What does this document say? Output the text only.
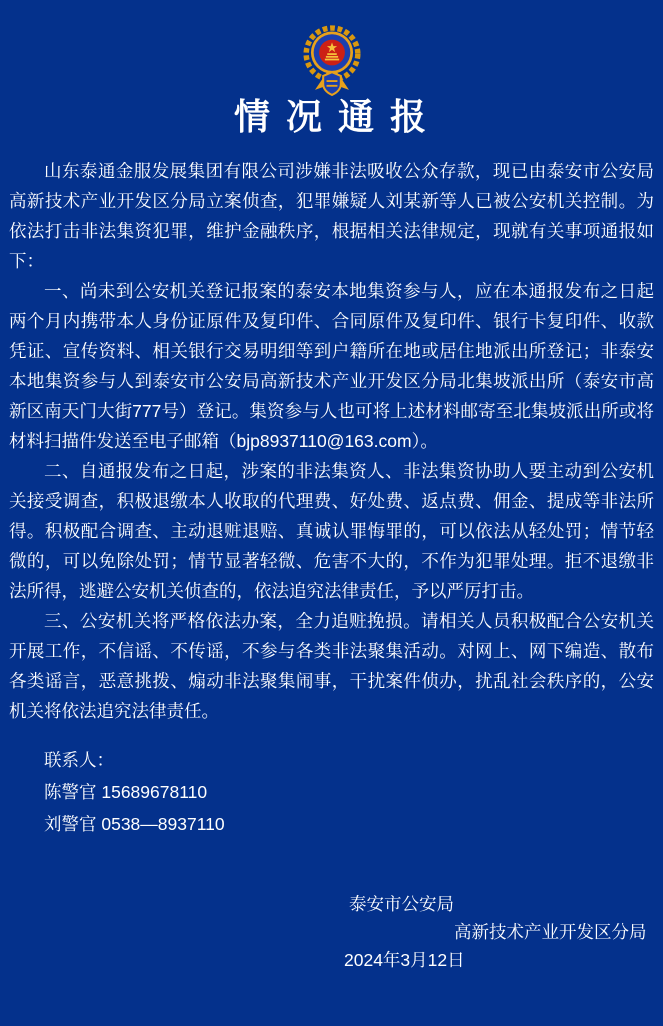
情 况 通 报

山东泰通金服发展集团有限公司涉嫌非法吸收公众存款，现已由泰安市公安局高新技术产业开发区分局立案侦查，犯罪嫌疑人刘某新等人已被公安机关控制。为依法打击非法集资犯罪，维护金融秩序，根据相关法律规定，现就有关事项通报如下：

一、尚未到公安机关登记报案的泰安本地集资参与人，应在本通报发布之日起两个月内携带本人身份证原件及复印件、合同原件及复印件、银行卡复印件、收款凭证、宣传资料、相关银行交易明细等到户籍所在地或居住地派出所登记；非泰安本地集资参与人到泰安市公安局高新技术产业开发区分局北集坡派出所（泰安市高新区南天门大街777号）登记。集资参与人也可将上述材料邮寄至北集坡派出所或将材料扫描件发送至电子邮箱（bjp8937110@163.com）。

二、自通报发布之日起，涉案的非法集资人、非法集资协助人要主动到公安机关接受调查，积极退缴本人收取的代理费、好处费、返点费、佣金、提成等非法所得。积极配合调查、主动退赃退赔、真诚认罪悔罪的，可以依法从轻处罚；情节轻微的，可以免除处罚；情节显著轻微、危害不大的，不作为犯罪处理。拒不退缴非法所得，逃避公安机关侦查的，依法追究法律责任，予以严厉打击。

三、公安机关将严格依法办案，全力追赃挽损。请相关人员积极配合公安机关开展工作，不信谣、不传谣，不参与各类非法聚集活动。对网上、网下编造、散布各类谣言，恶意挑拨、煽动非法聚集闹事，干扰案件侦办，扰乱社会秩序的，公安机关将依法追究法律责任。

联系人：
陈警官 15689678110
刘警官 0538—8937110
泰安市公安局
高新技术产业开发区分局
2024年3月12日
